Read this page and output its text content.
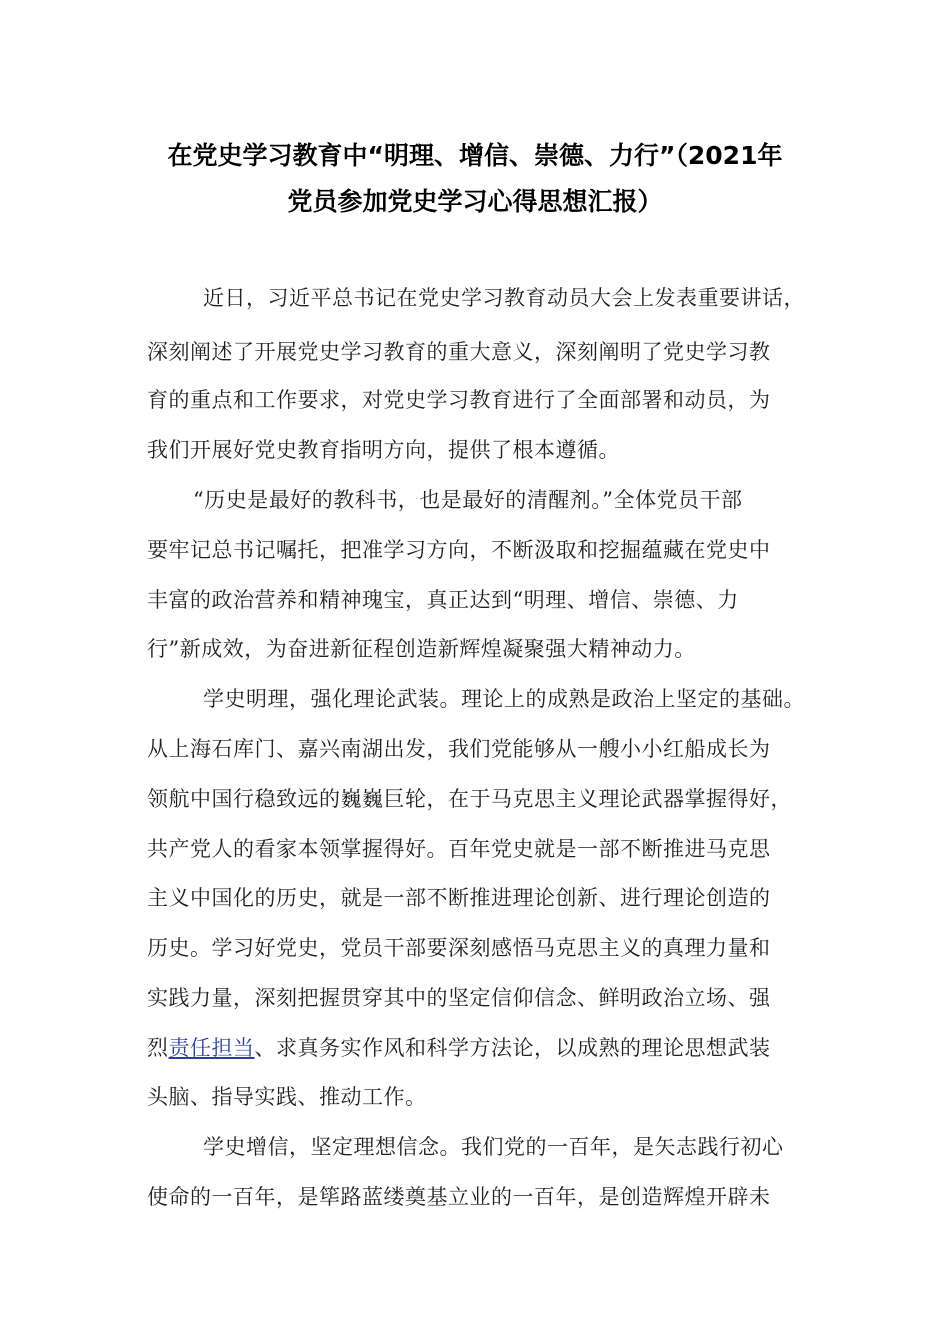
在党史学习教育中“明理、增信、崇德、力行”（2021年
党员参加党史学习心得思想汇报）
近日，习近平总书记在党史学习教育动员大会上发表重要讲话，
深刻阐述了开展党史学习教育的重大意义，深刻阐明了党史学习教
育的重点和工作要求，对党史学习教育进行了全面部署和动员，为
我们开展好党史教育指明方向，提供了根本遵循。
“历史是最好的教科书，也是最好的清醒剂。”全体党员干部
要牢记总书记嘱托，把准学习方向，不断汲取和挖掘蕴藏在党史中
丰富的政治营养和精神瑰宝，真正达到“明理、增信、崇德、力
行”新成效，为奋进新征程创造新辉煌凝聚强大精神动力。
学史明理，强化理论武装。理论上的成熟是政治上坚定的基础。
从上海石库门、嘉兴南湖出发，我们党能够从一艘小小红船成长为
领航中国行稳致远的巍巍巨轮，在于马克思主义理论武器掌握得好，
共产党人的看家本领掌握得好。百年党史就是一部不断推进马克思
主义中国化的历史，就是一部不断推进理论创新、进行理论创造的
历史。学习好党史，党员干部要深刻感悟马克思主义的真理力量和
实践力量，深刻把握贯穿其中的坚定信仰信念、鲜明政治立场、强
烈责任担当、求真务实作风和科学方法论，以成熟的理论思想武装
头脑、指导实践、推动工作。
学史增信，坚定理想信念。我们党的一百年，是矢志践行初心
使命的一百年，是筚路蓝缕奠基立业的一百年，是创造辉煌开辟未
